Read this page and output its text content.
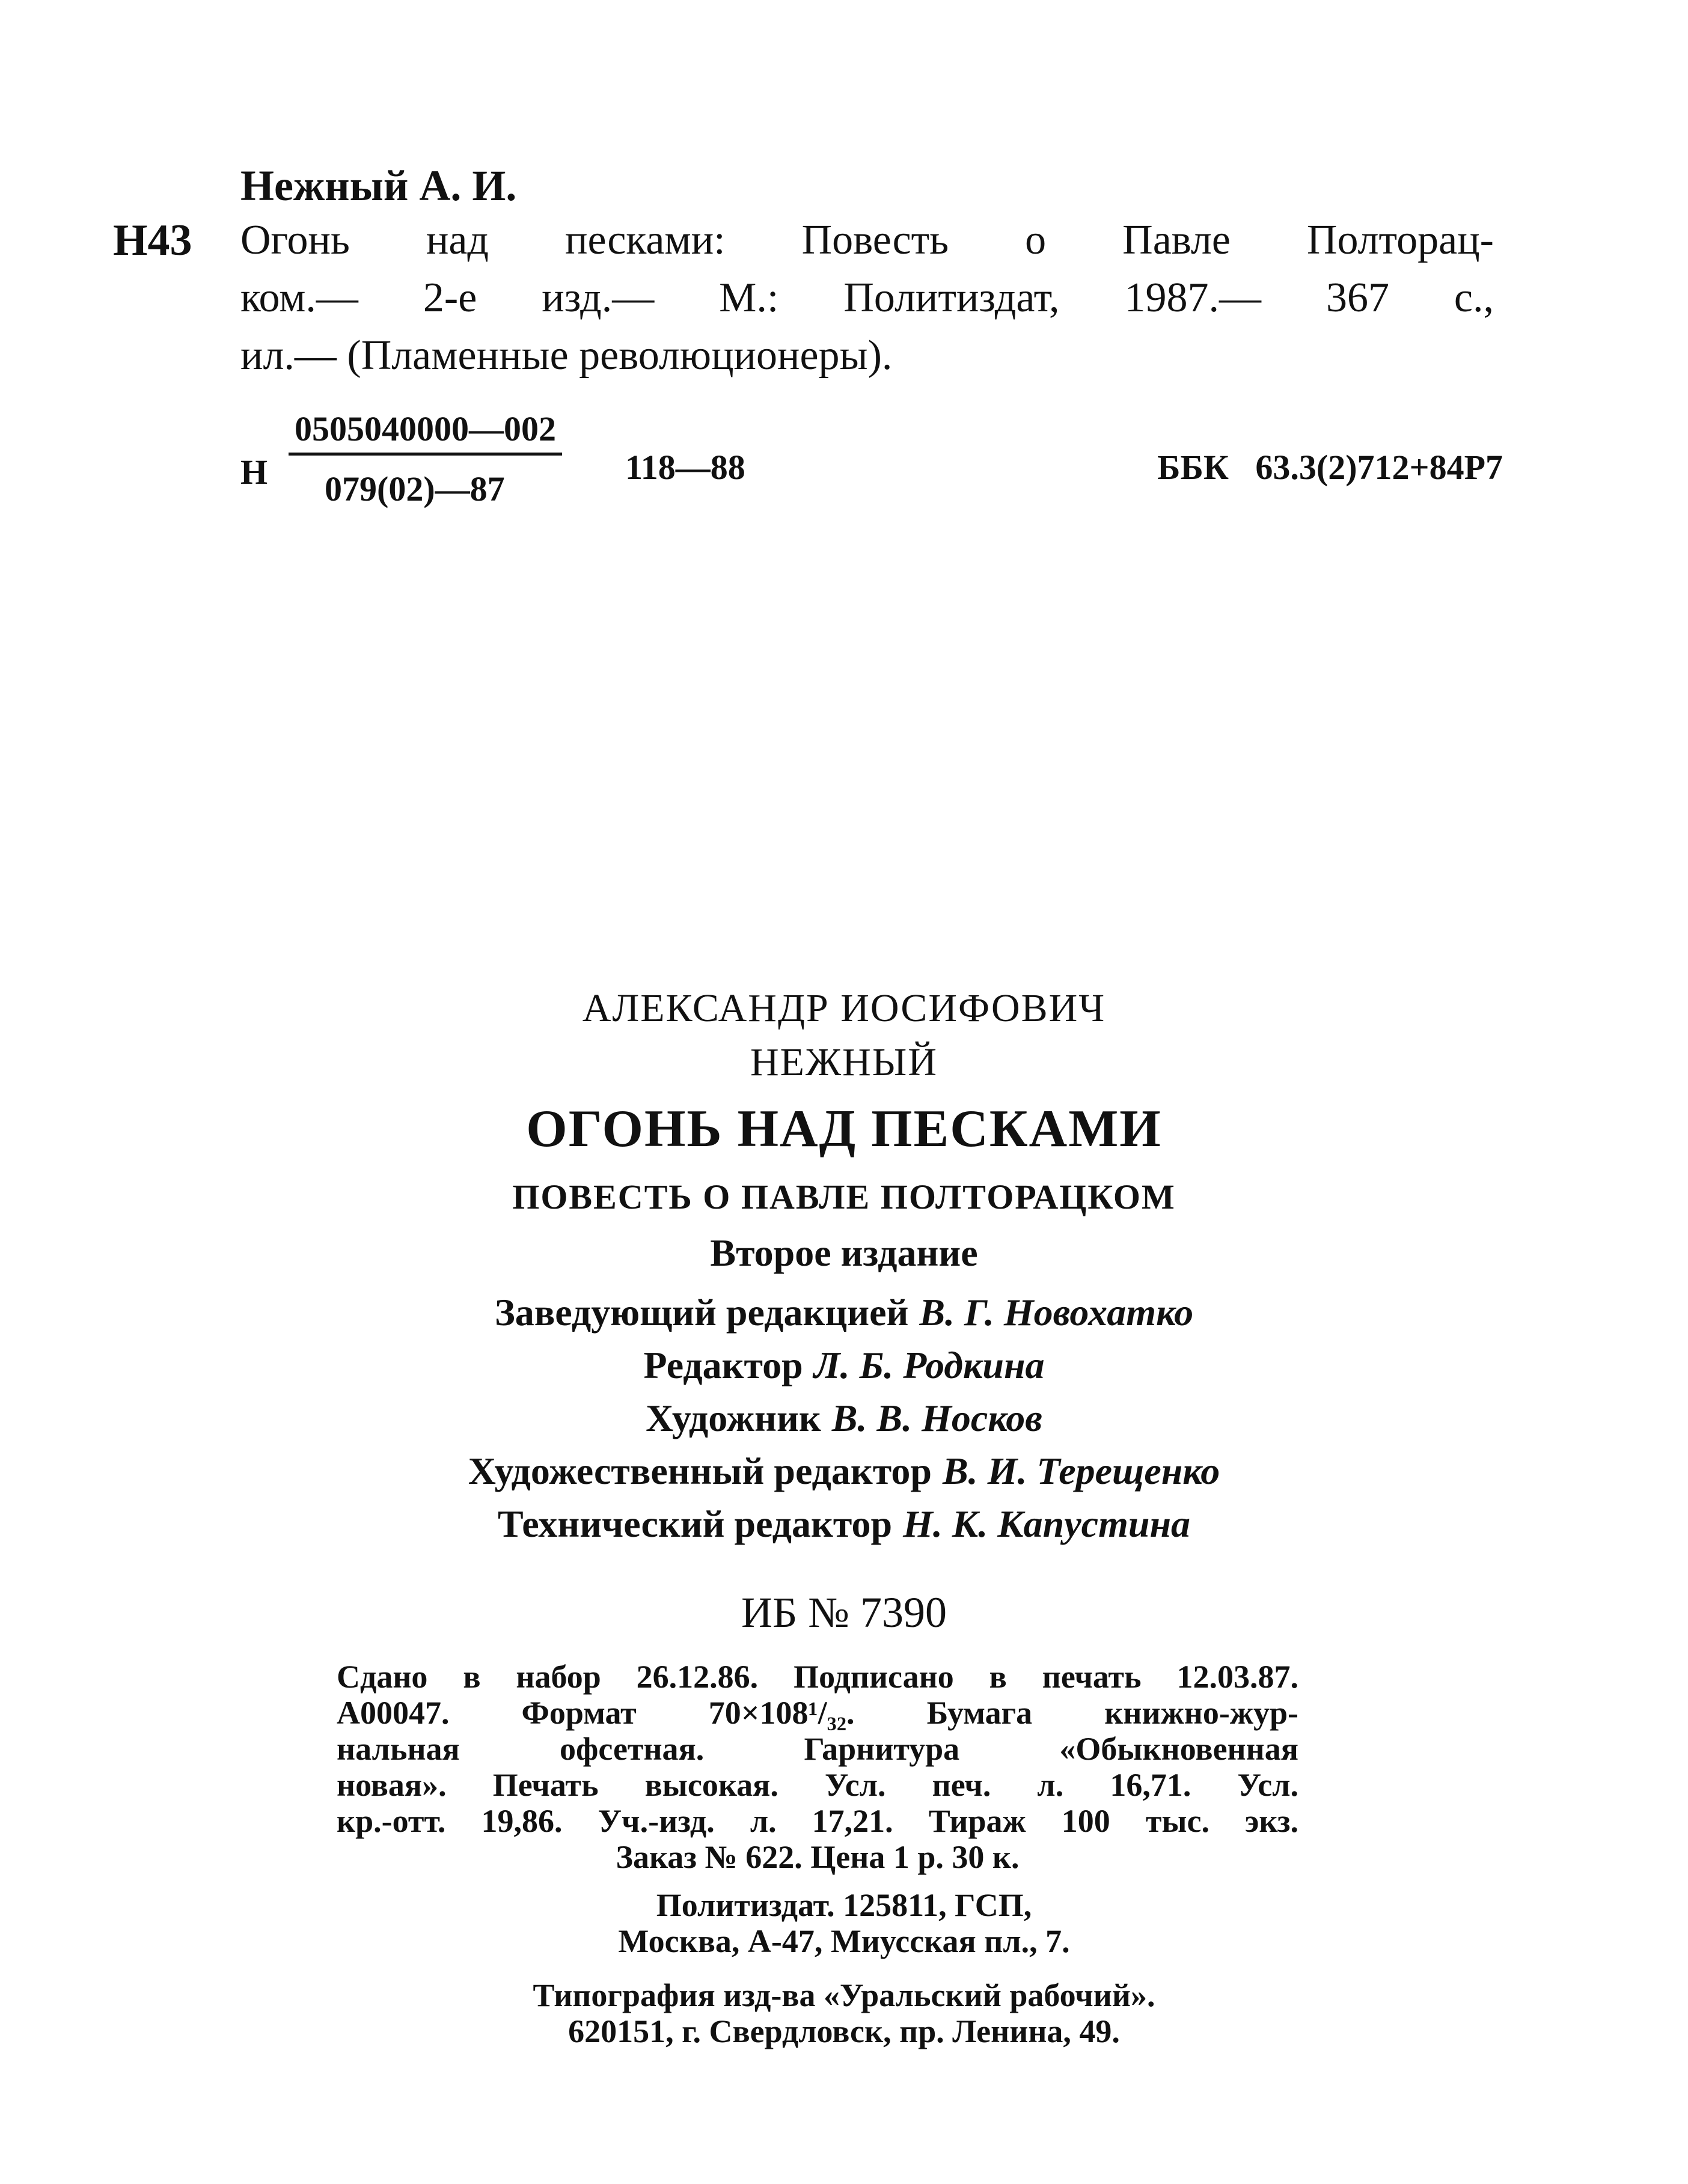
Нежный А. И.
Н43 Огонь над песками: Повесть о Павле Полторац-
ком.— 2-е изд.— М.: Политиздат, 1987.— 367 с.,
ил.— (Пламенные революционеры).
Н
0505040000—002
079(02)—87
118—88	ББК 63.3(2)712+84Р7
АЛЕКСАНДР ИОСИФОВИЧ
НЕЖНЫЙ
ОГОНЬ НАД ПЕСКАМИ
ПОВЕСТЬ О ПАВЛЕ ПОЛТОРАЦКОМ
Второе издание
Заведующий редакцией В. Г. Новохатко
Редактор Л. Б. Родкина
Художник В. В. Носков
Художественный редактор В. И. Терещенко
Технический редактор Н. К. Капустина
ИБ № 7390
Сдано в набор 26.12.86. Подписано в печать 12.03.87.
А00047. Формат 70×108¹/₃₂. Бумага книжно-жур-
нальная офсетная. Гарнитура «Обыкновенная
новая». Печать высокая. Усл. печ. л. 16,71. Усл.
кр.-отт. 19,86. Уч.-изд. л. 17,21. Тираж 100 тыс. экз.
Заказ № 622. Цена 1 р. 30 к.
Политиздат. 125811, ГСП,
Москва, А-47, Миусская пл., 7.
Типография изд-ва «Уральский рабочий».
620151, г. Свердловск, пр. Ленина, 49.
